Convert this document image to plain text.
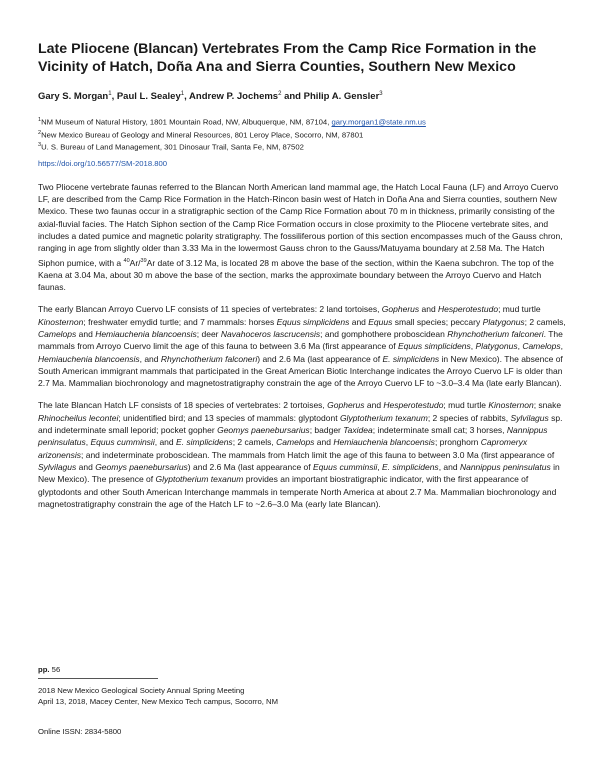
Late Pliocene (Blancan) Vertebrates From the Camp Rice Formation in the Vicinity of Hatch, Doña Ana and Sierra Counties, Southern New Mexico
Gary S. Morgan$^1$, Paul L. Sealey$^1$, Andrew P. Jochems$^2$ and Philip A. Gensler$^3$

$^1$NM Museum of Natural History, 1801 Mountain Road, NW, Albuquerque, NM, 87104, gary.morgan1@state.nm.us

$^2$New Mexico Bureau of Geology and Mineral Resources, 801 Leroy Place, Socorro, NM, 87801

$^3$U. S. Bureau of Land Management, 301 Dinosaur Trail, Santa Fe, NM, 87502

https://doi.org/10.56577/SM-2018.800

Two Pliocene vertebrate faunas referred to the Blancan North American land mammal age, the Hatch Local Fauna (LF) and Arroyo Cuervo LF, are described from the Camp Rice Formation in the Hatch-Rincon basin west of Hatch in Doña Ana and Sierra counties, southern New Mexico. These two faunas occur in a stratigraphic section of the Camp Rice Formation about 70 m in thickness, primarily consisting of the axial-fluvial facies. The Hatch Siphon section of the Camp Rice Formation occurs in close proximity to the Pliocene vertebrate sites, and includes a dated pumice and magnetic polarity stratigraphy. The fossiliferous portion of this section encompasses much of the Gauss chron, ranging in age from slightly older than 3.33 Ma in the lowermost Gauss chron to the Gauss/Matuyama boundary at 2.58 Ma. The Hatch Siphon pumice, with a $^{40}$Ar/$^{39}$Ar date of 3.12 Ma, is located 28 m above the base of the section, within the Kaena subchron. The top of the Kaena at 3.04 Ma, about 30 m above the base of the section, marks the approximate boundary between the Arroyo Cuervo and Hatch faunas.

The early Blancan Arroyo Cuervo LF consists of 11 species of vertebrates: 2 land tortoises, Gopherus and Hesperotestudo; mud turtle Kinosternon; freshwater emydid turtle; and 7 mammals: horses Equus simplicidens and Equus small species; peccary Platygonus; 2 camels, Camelops and Hemiauchenia blancoensis; deer Navahoceros lascrucensis; and gomphothere proboscidean Rhynchotherium falconeri. The mammals from Arroyo Cuervo limit the age of this fauna to between 3.6 Ma (first appearance of Equus simplicidens, Platygonus, Camelops, Hemiauchenia blancoensis, and Rhynchotherium falconeri) and 2.6 Ma (last appearance of E. simplicidens in New Mexico). The absence of South American immigrant mammals that participated in the Great American Biotic Interchange indicates the Arroyo Cuervo LF is older than 2.7 Ma. Mammalian biochronology and magnetostratigraphy constrain the age of the Arroyo Cuervo LF to ~3.0–3.4 Ma (late early Blancan).

The late Blancan Hatch LF consists of 18 species of vertebrates: 2 tortoises, Gopherus and Hesperotestudo; mud turtle Kinosternon; snake Rhinocheilus lecontei; unidentified bird; and 13 species of mammals: glyptodont Glyptotherium texanum; 2 species of rabbits, Sylvilagus sp. and indeterminate small leporid; pocket gopher Geomys paenebursarius; badger Taxidea; indeterminate small cat; 3 horses, Nannippus peninsulatus, Equus cumminsii, and E. simplicidens; 2 camels, Camelops and Hemiauchenia blancoensis; pronghorn Capromeryx arizonensis; and indeterminate proboscidean. The mammals from Hatch limit the age of this fauna to between 3.0 Ma (first appearance of Sylvilagus and Geomys paenebursarius) and 2.6 Ma (last appearance of Equus cumminsii, E. simplicidens, and Nannippus peninsulatus in New Mexico). The presence of Glyptotherium texanum provides an important biostratigraphic indicator, with the first appearance of glyptodonts and other South American Interchange mammals in temperate North America at about 2.7 Ma. Mammalian biochronology and magnetostratigraphy constrain the age of the Hatch LF to ~2.6–3.0 Ma (early late Blancan).

pp. 56
2018 New Mexico Geological Society Annual Spring Meeting
April 13, 2018, Macey Center, New Mexico Tech campus, Socorro, NM
Online ISSN: 2834-5800
